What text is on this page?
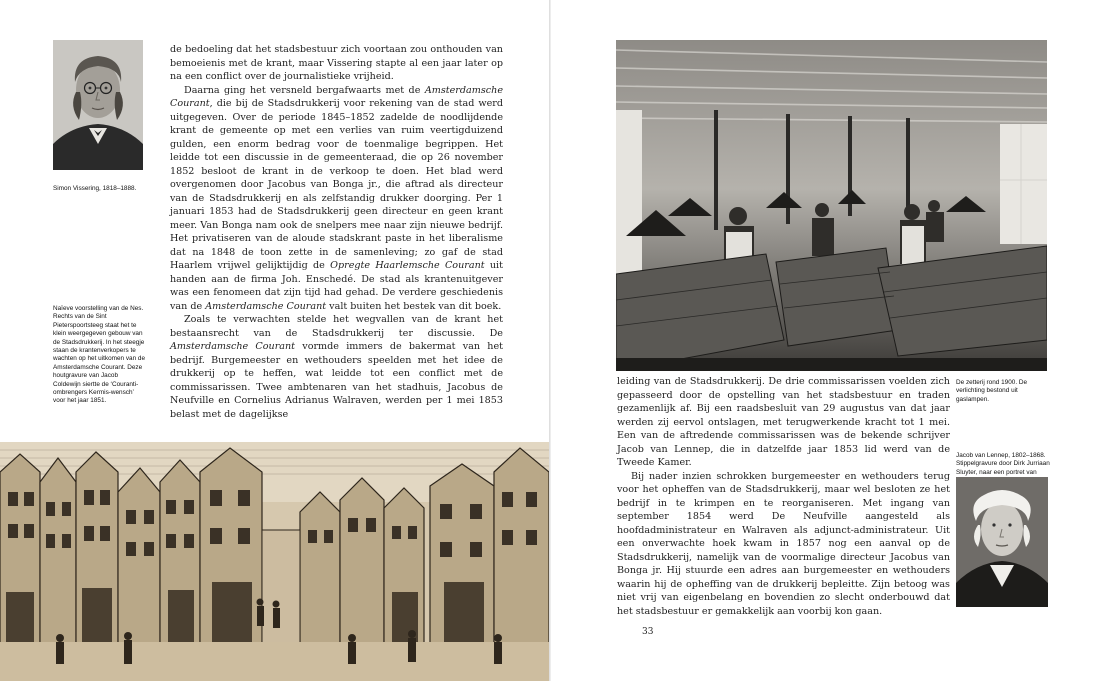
Simon Vissering, 1818–1888.

Naïeve voorstelling van de Nes. Rechts van de Sint Pieterspoortsteeg staat het te klein weergegeven gebouw van de Stadsdrukkerij. In het steegje staan de krantenverkopers te wachten op het uitkomen van de Amsterdamsche Courant. Deze houtgravure van Jacob Coldewijn siertte de ‘Couranti-ombrengers Kermis-wensch’ voor het jaar 1851.

de bedoeling dat het stadsbestuur zich voortaan zou onthouden van bemoeienis met de krant, maar Vissering stapte al een jaar later op na een conflict over de journalistieke vrijheid.

Daarna ging het versneld bergafwaarts met de Amsterdamsche Courant, die bij de Stadsdrukkerij voor rekening van de stad werd uitgegeven. Over de periode 1845–1852 zadelde de noodlijdende krant de gemeente op met een verlies van ruim veertigduizend gulden, een enorm bedrag voor de toenmalige begrippen. Het leidde tot een discussie in de gemeenteraad, die op 26 november 1852 besloot de krant in de verkoop te doen. Het blad werd overgenomen door Jacobus van Bonga jr., die aftrad als directeur van de Stadsdrukkerij en als zelfstandig drukker doorging. Per 1 januari 1853 had de Stadsdrukkerij geen directeur en geen krant meer. Van Bonga nam ook de snelpers mee naar zijn nieuwe bedrijf. Het privatiseren van de aloude stadskrant paste in het liberalisme dat na 1848 de toon zette in de samenleving; zo gaf de stad Haarlem vrijwel gelijktijdig de Opregte Haarlemsche Courant uit handen aan de firma Joh. Enschedé. De stad als krantenuitgever was een fenomeen dat zijn tijd had gehad. De verdere geschiedenis van de Amsterdamsche Courant valt buiten het bestek van dit boek.

Zoals te verwachten stelde het wegvallen van de krant het bestaansrecht van de Stadsdrukkerij ter discussie. De Amsterdamsche Courant vormde immers de bakermat van het bedrijf. Burgemeester en wethouders speelden met het idee de drukkerij op te heffen, wat leidde tot een conflict met de commissarissen. Twee ambtenaren van het stadhuis, Jacobus de Neufville en Cornelius Adrianus Walraven, werden per 1 mei 1853 belast met de dagelijkse

De zetterij rond 1900. De verlichting bestond uit gaslampen.

Jacob van Lennep, 1802–1868. Stippelgravure door Dirk Jurriaan Sluyter, naar een portret van

leiding van de Stadsdrukkerij. De drie commissarissen voelden zich gepasseerd door de opstelling van het stadsbestuur en traden gezamenlijk af. Bij een raadsbesluit van 29 augustus van dat jaar werden zij eervol ontslagen, met terugwerkende kracht tot 1 mei. Een van de aftredende commissarissen was de bekende schrijver Jacob van Lennep, die in datzelfde jaar 1853 lid werd van de Tweede Kamer.

Bij nader inzien schrokken burgemeester en wethouders terug voor het opheffen van de Stadsdrukkerij, maar wel besloten ze het bedrijf in te krimpen en te reorganiseren. Met ingang van september 1854 werd De Neufville aangesteld als hoofdadministrateur en Walraven als adjunct-administrateur. Uit een onverwachte hoek kwam in 1857 nog een aanval op de Stadsdrukkerij, namelijk van de voormalige directeur Jacobus van Bonga jr. Hij stuurde een adres aan burgemeester en wethouders waarin hij de opheffing van de drukkerij bepleitte. Zijn betoog was niet vrij van eigenbelang en bovendien zo slecht onderbouwd dat het stadsbestuur er gemakkelijk aan voorbij kon gaan.

33
